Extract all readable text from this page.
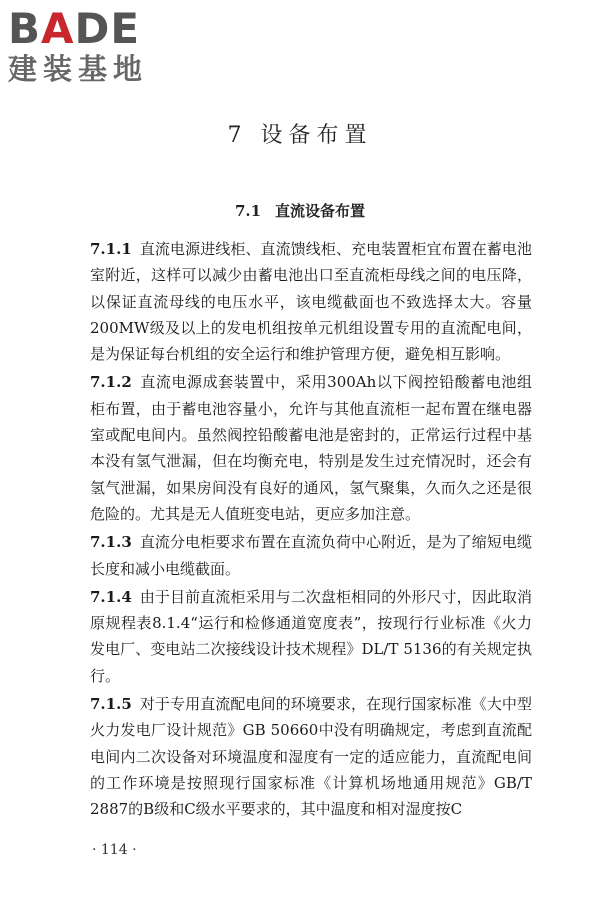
BADE
建装基地
7 设备布置
7.1 直流设备布置

7.1.1 直流电源进线柜、直流馈线柜、充电装置柜宜布置在蓄电池室附近，这样可以减少由蓄电池出口至直流柜母线之间的电压降，以保证直流母线的电压水平，该电缆截面也不致选择太大。容量200MW级及以上的发电机组按单元机组设置专用的直流配电间，是为保证每台机组的安全运行和维护管理方便，避免相互影响。

7.1.2 直流电源成套装置中，采用300Ah以下阀控铅酸蓄电池组柜布置，由于蓄电池容量小，允许与其他直流柜一起布置在继电器室或配电间内。虽然阀控铅酸蓄电池是密封的，正常运行过程中基本没有氢气泄漏，但在均衡充电，特别是发生过充情况时，还会有氢气泄漏，如果房间没有良好的通风，氢气聚集，久而久之还是很危险的。尤其是无人值班变电站，更应多加注意。

7.1.3 直流分电柜要求布置在直流负荷中心附近，是为了缩短电缆长度和减小电缆截面。

7.1.4 由于目前直流柜采用与二次盘柜相同的外形尺寸，因此取消原规程表8.1.4“运行和检修通道宽度表”，按现行行业标准《火力发电厂、变电站二次接线设计技术规程》DL/T 5136的有关规定执行。

7.1.5 对于专用直流配电间的环境要求，在现行国家标准《大中型火力发电厂设计规范》GB 50660中没有明确规定，考虑到直流配电间内二次设备对环境温度和湿度有一定的适应能力，直流配电间的工作环境是按照现行国家标准《计算机场地通用规范》GB/T 2887的B级和C级水平要求的，其中温度和相对湿度按C

· 114 ·
